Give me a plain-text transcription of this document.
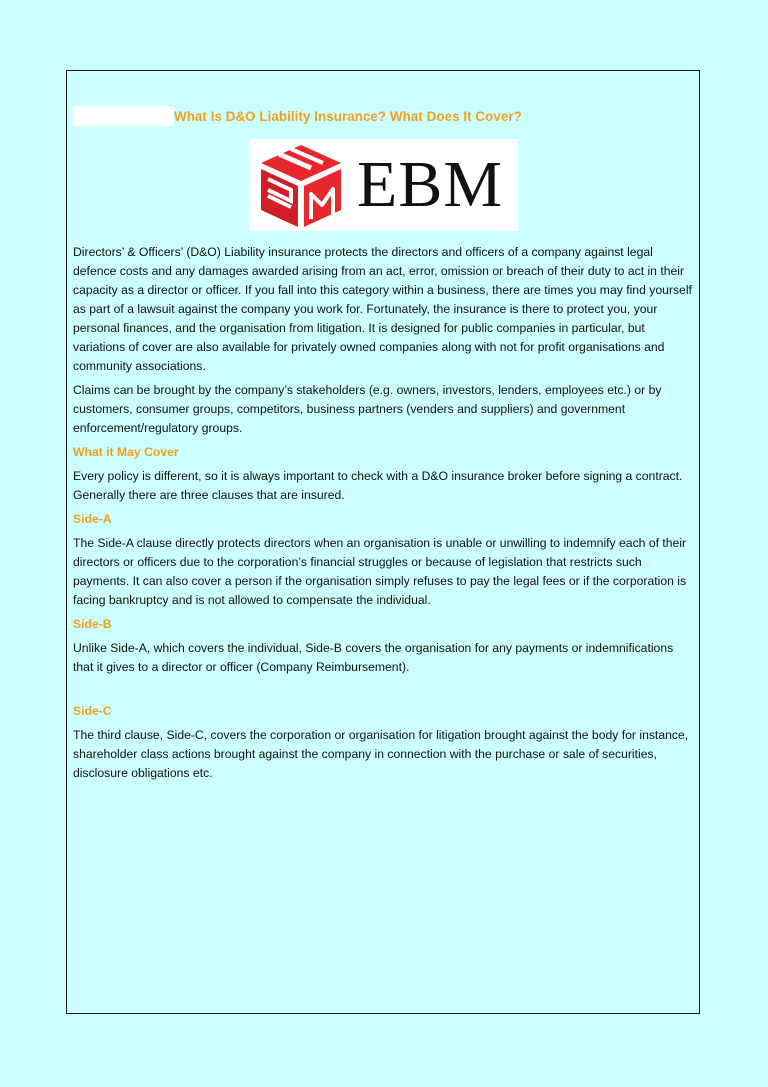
What Is D&O Liability Insurance? What Does It Cover?
EBM

Directors’ & Officers’ (D&O) Liability insurance protects the directors and officers of a company against legal defence costs and any damages awarded arising from an act, error, omission or breach of their duty to act in their capacity as a director or officer. If you fall into this category within a business, there are times you may find yourself as part of a lawsuit against the company you work for. Fortunately, the insurance is there to protect you, your personal finances, and the organisation from litigation. It is designed for public companies in particular, but variations of cover are also available for privately owned companies along with not for profit organisations and community associations.

Claims can be brought by the company’s stakeholders (e.g. owners, investors, lenders, employees etc.) or by customers, consumer groups, competitors, business partners (venders and suppliers) and government enforcement/regulatory groups.

What it May Cover

Every policy is different, so it is always important to check with a D&O insurance broker before signing a contract. Generally there are three clauses that are insured.

Side-A

The Side-A clause directly protects directors when an organisation is unable or unwilling to indemnify each of their directors or officers due to the corporation’s financial struggles or because of legislation that restricts such payments. It can also cover a person if the organisation simply refuses to pay the legal fees or if the corporation is facing bankruptcy and is not allowed to compensate the individual.

Side-B

Unlike Side-A, which covers the individual, Side-B covers the organisation for any payments or indemnifications that it gives to a director or officer (Company Reimbursement).

Side-C

The third clause, Side-C, covers the corporation or organisation for litigation brought against the body for instance, shareholder class actions brought against the company in connection with the purchase or sale of securities, disclosure obligations etc.
